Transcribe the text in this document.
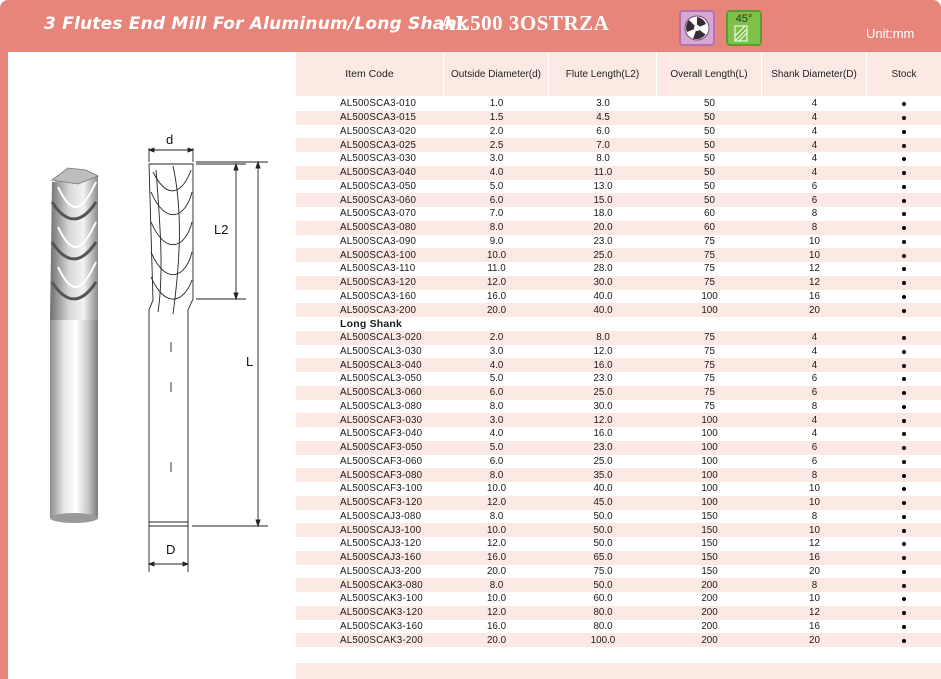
3 Flutes End Mill For Aluminum/Long Shank
AL500 3OSTRZA	45°
Unit:mm
d
L2
L
D
Item Code	Outside Diameter(d)	Flute Length(L2)	Overall Length(L)	Shank Diameter(D)	Stock
AL500SCA3-010	1.0	3.0	50	4
AL500SCA3-015	1.5	4.5	50	4
AL500SCA3-020	2.0	6.0	50	4
AL500SCA3-025	2.5	7.0	50	4
AL500SCA3-030	3.0	8.0	50	4
AL500SCA3-040	4.0	11.0	50	4
AL500SCA3-050	5.0	13.0	50	6
AL500SCA3-060	6.0	15.0	50	6
AL500SCA3-070	7.0	18.0	60	8
AL500SCA3-080	8.0	20.0	60	8
AL500SCA3-090	9.0	23.0	75	10
AL500SCA3-100	10.0	25.0	75	10
AL500SCA3-110	11.0	28.0	75	12
AL500SCA3-120	12.0	30.0	75	12
AL500SCA3-160	16.0	40.0	100	16
AL500SCA3-200	20.0	40.0	100	20
Long Shank
AL500SCAL3-020	2.0	8.0	75	4
AL500SCAL3-030	3.0	12.0	75	4
AL500SCAL3-040	4.0	16.0	75	4
AL500SCAL3-050	5.0	23.0	75	6
AL500SCAL3-060	6.0	25.0	75	6
AL500SCAL3-080	8.0	30.0	75	8
AL500SCAF3-030	3.0	12.0	100	4
AL500SCAF3-040	4.0	16.0	100	4
AL500SCAF3-050	5.0	23.0	100	6
AL500SCAF3-060	6.0	25.0	100	6
AL500SCAF3-080	8.0	35.0	100	8
AL500SCAF3-100	10.0	40.0	100	10
AL500SCAF3-120	12.0	45.0	100	10
AL500SCAJ3-080	8.0	50.0	150	8
AL500SCAJ3-100	10.0	50.0	150	10
AL500SCAJ3-120	12.0	50.0	150	12
AL500SCAJ3-160	16.0	65.0	150	16
AL500SCAJ3-200	20.0	75.0	150	20
AL500SCAK3-080	8.0	50.0	200	8
AL500SCAK3-100	10.0	60.0	200	10
AL500SCAK3-120	12.0	80.0	200	12
AL500SCAK3-160	16.0	80.0	200	16
AL500SCAK3-200	20.0	100.0	200	20
